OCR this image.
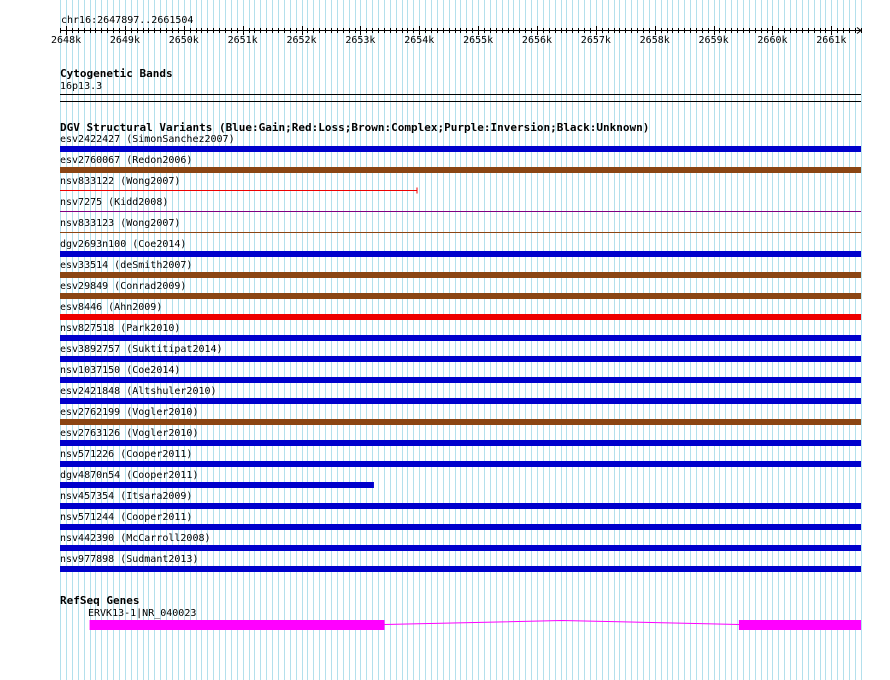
chr16:2647897..2661504
2648k	2649k	2650k	2651k	2652k	2653k	2654k	2655k	2656k	2657k	2658k	2659k	2660k	2661k
Cytogenetic Bands
16p13.3
DGV Structural Variants (Blue:Gain;Red:Loss;Brown:Complex;Purple:Inversion;Black:Unknown)
esv2422427 (SimonSanchez2007)
esv2760067 (Redon2006)
nsv833122 (Wong2007)
nsv7275 (Kidd2008)
nsv833123 (Wong2007)
dgv2693n100 (Coe2014)
esv33514 (deSmith2007)
esv29849 (Conrad2009)
esv8446 (Ahn2009)
nsv827518 (Park2010)
esv3892757 (Suktitipat2014)
nsv1037150 (Coe2014)
esv2421848 (Altshuler2010)
esv2762199 (Vogler2010)
esv2763126 (Vogler2010)
nsv571226 (Cooper2011)
dgv4870n54 (Cooper2011)
nsv457354 (Itsara2009)
nsv571244 (Cooper2011)
nsv442390 (McCarroll2008)
nsv977898 (Sudmant2013)
RefSeq Genes
ERVK13-1|NR_040023
